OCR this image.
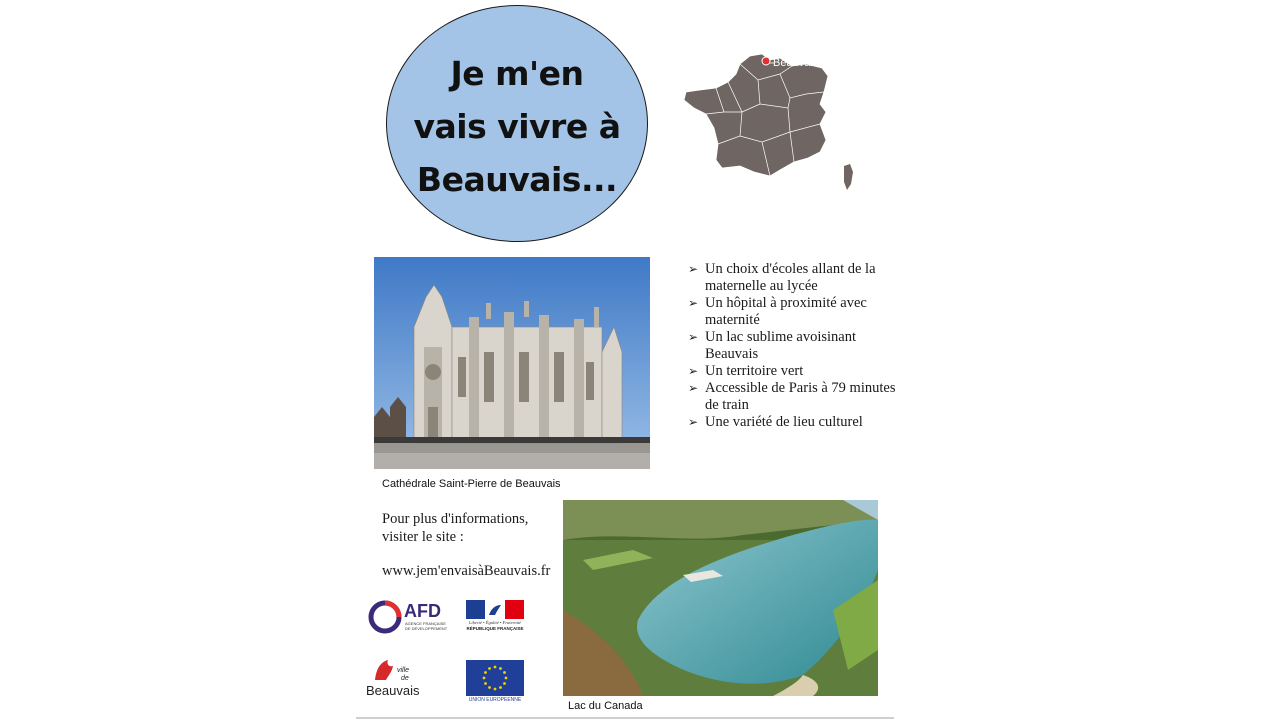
Je m'en
vais vivre à
Beauvais...

Beauvais
Cathédrale Saint-Pierre de Beauvais
➢ Un choix d'écoles allant de la maternelle au lycée
➢ Un hôpital à proximité avec maternité
➢ Un lac sublime avoisinant Beauvais
➢ Un territoire vert
➢ Accessible de Paris à 79 minutes de train
➢ Une variété de lieu culturel

Pour plus d'informations, visiter le site :

www.jem'envaisàBeauvais.fr

Lac du Canada
AFD
AGENCE FRANÇAISE
DE DÉVELOPPEMENT
Liberté • Égalité • Fraternité
RÉPUBLIQUE FRANÇAISE
ville
de
Beauvais
UNION EUROPEENNE
